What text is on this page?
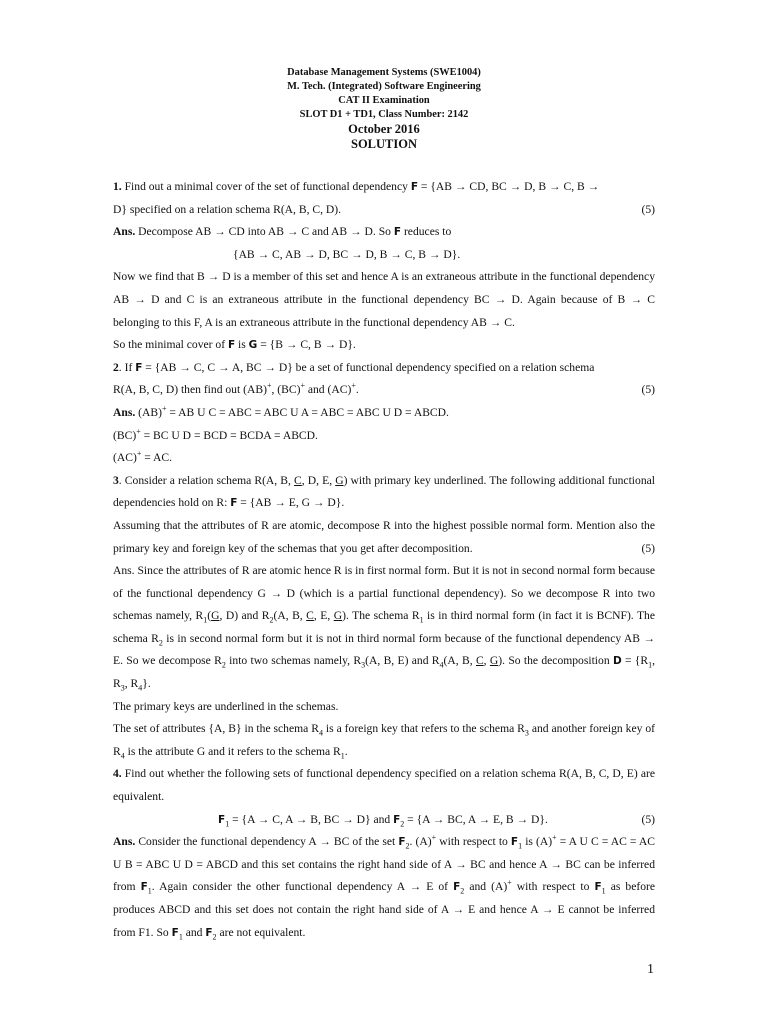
Database Management Systems (SWE1004)
M. Tech. (Integrated) Software Engineering
CAT II Examination
SLOT D1 + TD1, Class Number: 2142
October 2016
SOLUTION

1. Find out a minimal cover of the set of functional dependency F = {AB → CD, BC → D, B → C, B →

D} specified on a relation schema R(A, B, C, D).	(5)

Ans. Decompose AB → CD into AB → C and AB → D. So F reduces to

{AB → C, AB → D, BC → D, B → C, B → D}.

Now we find that B → D is a member of this set and hence A is an extraneous attribute in the functional dependency AB → D and C is an extraneous attribute in the functional dependency BC → D. Again because of B → C belonging to this F, A is an extraneous attribute in the functional dependency AB → C.

So the minimal cover of F is G = {B → C, B → D}.

2. If F = {AB → C, C → A, BC → D} be a set of functional dependency specified on a relation schema

R(A, B, C, D) then find out (AB)+, (BC)+ and (AC)+.	(5)

Ans. (AB)+ = AB U C = ABC = ABC U A = ABC = ABC U D = ABCD.

(BC)+ = BC U D = BCD = BCDA = ABCD.

(AC)+ = AC.

3. Consider a relation schema R(A, B, C, D, E, G) with primary key underlined. The following additional functional dependencies hold on R: F = {AB → E, G → D}.

Assuming that the attributes of R are atomic, decompose R into the highest possible normal form. Mention also the primary key and foreign key of the schemas that you get after decomposition.	(5)

Ans. Since the attributes of R are atomic hence R is in first normal form. But it is not in second normal form because of the functional dependency G → D (which is a partial functional dependency). So we decompose R into two schemas namely, $R_1(G$, D) and $R_2(A$, B, C, E, G). The schema $R_1$ is in third normal form (in fact it is BCNF). The schema $R_2$ is in second normal form but it is not in third normal form because of the functional dependency AB → E. So we decompose $R_2$ into two schemas namely, $R_3(A$, B, E) and $R_4(A$, B, C, G). So the decomposition $D = \{R_1$, $R_3$, $R_4$}.

The primary keys are underlined in the schemas.

The set of attributes {A, B} in the schema $R_4$ is a foreign key that refers to the schema $R_3$ and another foreign key of $R_4$ is the attribute G and it refers to the schema $R_1$.

4. Find out whether the following sets of functional dependency specified on a relation schema R(A, B, C, D, E) are equivalent.

$F_1 = \{A \to C$, A → B, BC → D} and $F_2 = \{A$ → BC, A → E, B → D}.	(5)

Ans. Consider the functional dependency A → BC of the set $F_2$. (A)+ with respect to $F_1$ is (A)+ = A U C = AC = AC U B = ABC U D = ABCD and this set contains the right hand side of A → BC and hence A → BC can be inferred from $F_1$. Again consider the other functional dependency A → E of $F_2$ and (A)+ with respect to $F_1$ as before produces ABCD and this set does not contain the right hand side of A → E and hence A → E cannot be inferred from F1. So $F_1$ and $F_2$ are not equivalent.

1
